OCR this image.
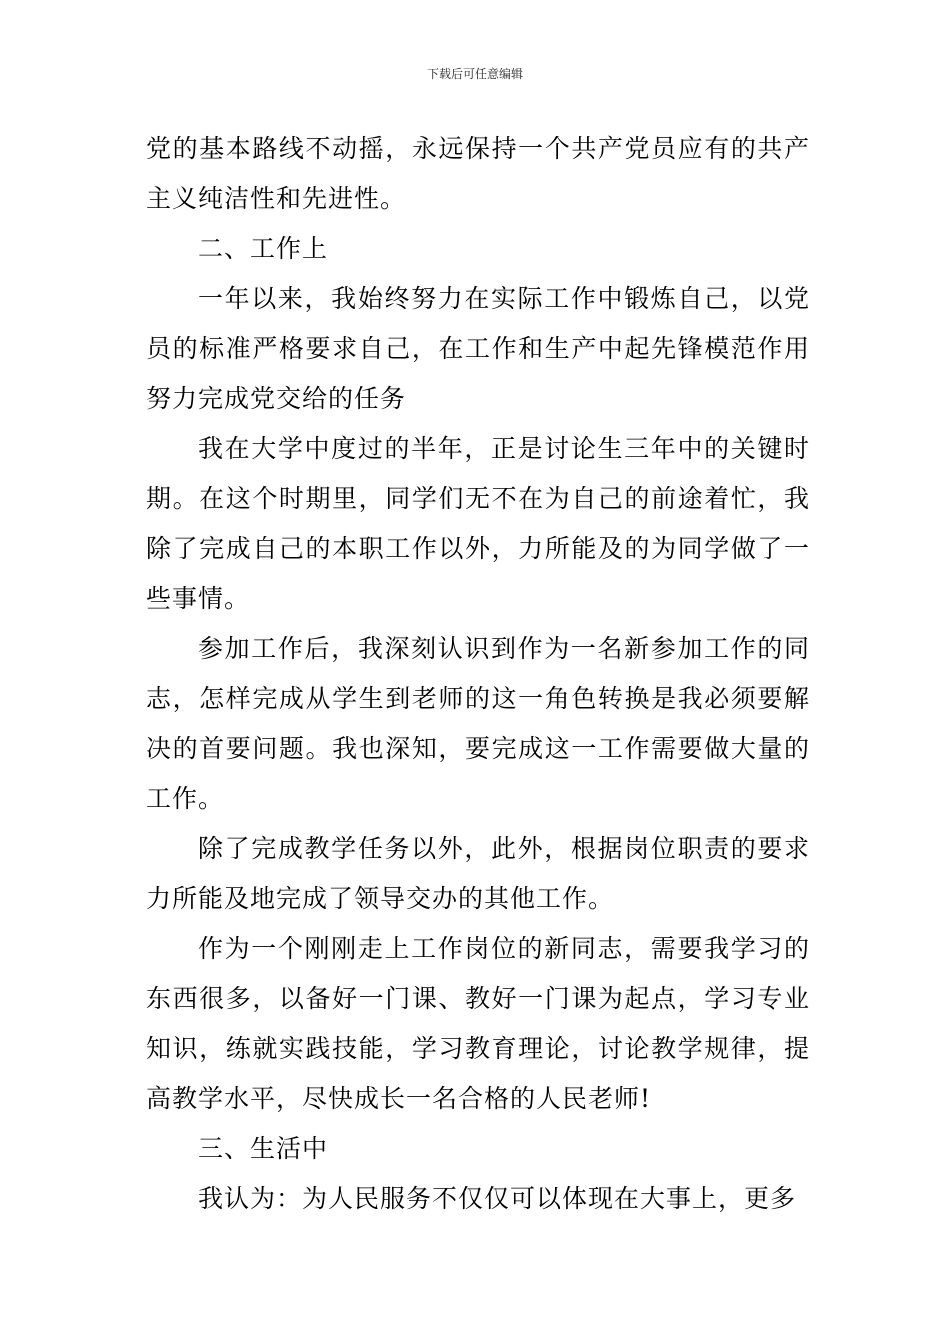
下载后可任意编辑

党的基本路线不动摇，永远保持一个共产党员应有的共产主义纯洁性和先进性。

二、工作上

一年以来，我始终努力在实际工作中锻炼自己，以党员的标准严格要求自己，在工作和生产中起先锋模范作用努力完成党交给的任务

我在大学中度过的半年，正是讨论生三年中的关键时期。在这个时期里，同学们无不在为自己的前途着忙，我除了完成自己的本职工作以外，力所能及的为同学做了一些事情。

参加工作后，我深刻认识到作为一名新参加工作的同志，怎样完成从学生到老师的这一角色转换是我必须要解决的首要问题。我也深知，要完成这一工作需要做大量的工作。

除了完成教学任务以外，此外，根据岗位职责的要求力所能及地完成了领导交办的其他工作。

作为一个刚刚走上工作岗位的新同志，需要我学习的东西很多，以备好一门课、教好一门课为起点，学习专业知识，练就实践技能，学习教育理论，讨论教学规律，提高教学水平，尽快成长一名合格的人民老师!

三、生活中

我认为：为人民服务不仅仅可以体现在大事上，更多
